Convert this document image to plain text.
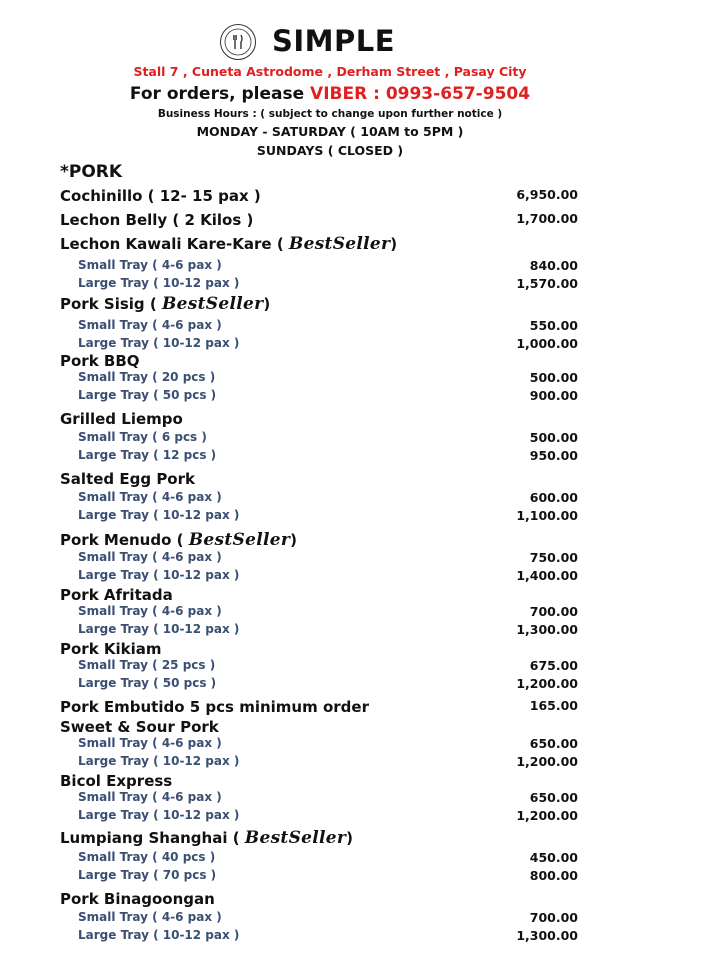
SIMPLE
Stall 7 , Cuneta Astrodome , Derham Street , Pasay City
For orders, please VIBER : 0993-657-9504
Business Hours : ( subject to change upon further notice )
MONDAY - SATURDAY ( 10AM to 5PM )
SUNDAYS ( CLOSED )
*PORK
Cochinillo ( 12- 15 pax )	6,950.00
Lechon Belly ( 2 Kilos )	1,700.00
Lechon Kawali Kare-Kare ( BestSeller)
Small Tray ( 4-6 pax )	840.00
Large Tray ( 10-12 pax )	1,570.00
Pork Sisig ( BestSeller)
Small Tray ( 4-6 pax )	550.00
Large Tray ( 10-12 pax )	1,000.00
Pork BBQ
Small Tray ( 20 pcs )	500.00
Large Tray ( 50 pcs )	900.00
Grilled Liempo
Small Tray ( 6 pcs )	500.00
Large Tray ( 12 pcs )	950.00
Salted Egg Pork
Small Tray ( 4-6 pax )	600.00
Large Tray ( 10-12 pax )	1,100.00
Pork Menudo ( BestSeller)
Small Tray ( 4-6 pax )	750.00
Large Tray ( 10-12 pax )	1,400.00
Pork Afritada
Small Tray ( 4-6 pax )	700.00
Large Tray ( 10-12 pax )	1,300.00
Pork Kikiam
Small Tray ( 25 pcs )	675.00
Large Tray ( 50 pcs )	1,200.00
Pork Embutido 5 pcs minimum order	165.00
Sweet & Sour Pork
Small Tray ( 4-6 pax )	650.00
Large Tray ( 10-12 pax )	1,200.00
Bicol Express
Small Tray ( 4-6 pax )	650.00
Large Tray ( 10-12 pax )	1,200.00
Lumpiang Shanghai ( BestSeller)
Small Tray ( 40 pcs )	450.00
Large Tray ( 70 pcs )	800.00
Pork Binagoongan
Small Tray ( 4-6 pax )	700.00
Large Tray ( 10-12 pax )	1,300.00
